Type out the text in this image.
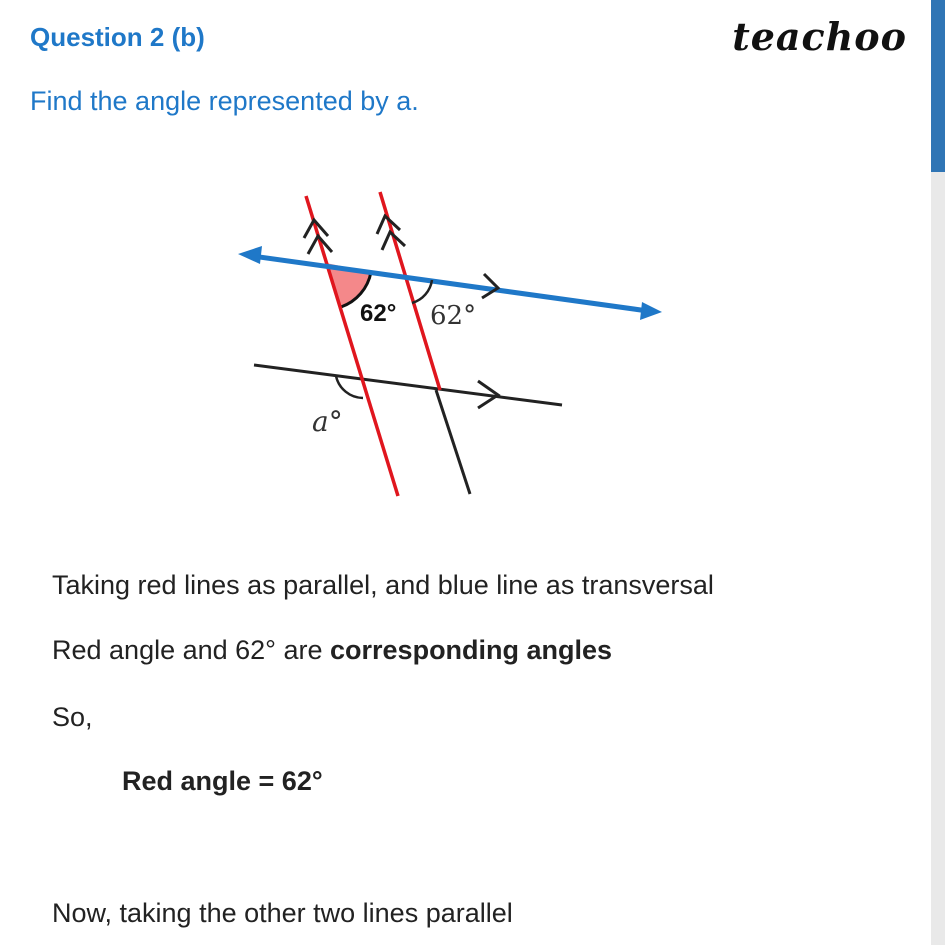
Question 2 (b)	teachoo
Find the angle represented by a.
62° 62°
a°
Taking red lines as parallel, and blue line as transversal
Red angle and 62° are corresponding angles
So,
Red angle = 62°
Now, taking the other two lines parallel
